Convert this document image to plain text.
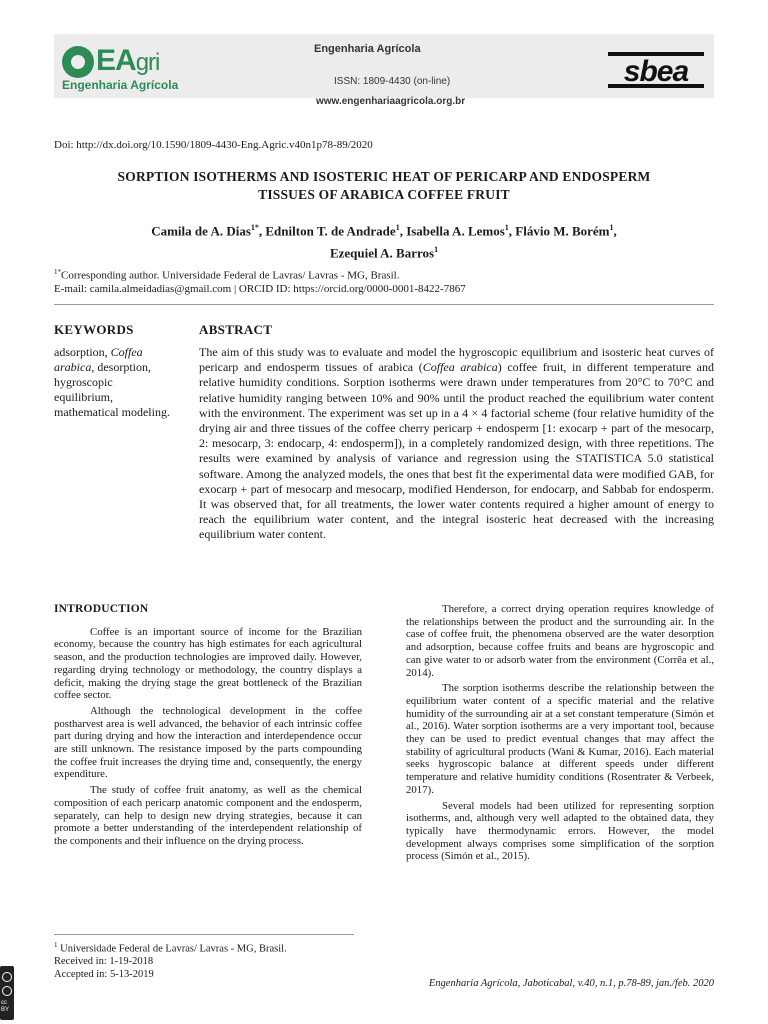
EAgri
Engenharia Agrícola
Engenharia Agrícola
ISSN: 1809-4430 (on-line)
www.engenhariaagricola.org.br
sbea
Doi: http://dx.doi.org/10.1590/1809-4430-Eng.Agric.v40n1p78-89/2020
SORPTION ISOTHERMS AND ISOSTERIC HEAT OF PERICARP AND ENDOSPERM
TISSUES OF ARABICA COFFEE FRUIT
Camila de A. Dias$^{1*}$, Ednilton T. de Andrade$^1$, Isabella A. Lemos$^1$, Flávio M. Borém$^1$,
Ezequiel A. Barros$^1$
$^{1*}$Corresponding author. Universidade Federal de Lavras/ Lavras - MG, Brasil.
E-mail: camila.almeidadias@gmail.com | ORCID ID: https://orcid.org/0000-0001-8422-7867
KEYWORDS
adsorption, Coffea arabica, desorption, hygroscopic equilibrium, mathematical modeling.
ABSTRACT
The aim of this study was to evaluate and model the hygroscopic equilibrium and isosteric heat curves of pericarp and endosperm tissues of arabica (Coffea arabica) coffee fruit, in different temperature and relative humidity conditions. Sorption isotherms were drawn under temperatures from 20°C to 70°C and relative humidity ranging between 10% and 90% until the product reached the equilibrium water content with the environment. The experiment was set up in a 4 × 4 factorial scheme (four relative humidity of the drying air and three tissues of the coffee cherry pericarp + endosperm [1: exocarp + part of the mesocarp, 2: mesocarp, 3: endocarp, 4: endosperm]), in a completely randomized design, with three repetitions. The results were examined by analysis of variance and regression using the STATISTICA 5.0 statistical software. Among the analyzed models, the ones that best fit the experimental data were modified GAB, for exocarp + part of mesocarp and mesocarp, modified Henderson, for endocarp, and Sabbab for endosperm. It was observed that, for all treatments, the lower water contents required a higher amount of energy to reach the equilibrium water content, and the integral isosteric heat decreased with the increasing equilibrium water content.
INTRODUCTION

Coffee is an important source of income for the Brazilian economy, because the country has high estimates for each agricultural season, and the production technologies are improved daily. However, regarding drying technology or methodology, the country displays a deficit, making the drying stage the great bottleneck of the Brazilian coffee sector.

Although the technological development in the coffee postharvest area is well advanced, the behavior of each intrinsic coffee part during drying and how the interaction and interdependence occur are still unknown. The resistance imposed by the parts compounding the coffee fruit increases the drying time and, consequently, the energy expenditure.

The study of coffee fruit anatomy, as well as the chemical composition of each pericarp anatomic component and the endosperm, separately, can help to design new drying strategies, because it can promote a better understanding of the interdependent relationship of the components and their influence on the drying process.

Therefore, a correct drying operation requires knowledge of the relationships between the product and the surrounding air. In the case of coffee fruit, the phenomena observed are the water desorption and adsorption, because coffee fruits and beans are hygroscopic and can give water to or adsorb water from the environment (Corrêa et al., 2014).

The sorption isotherms describe the relationship between the equilibrium water content of a specific material and the relative humidity of the surrounding air at a set constant temperature (Simón et al., 2016). Water sorption isotherms are a very important tool, because they can be used to predict eventual changes that may affect the stability of agricultural products (Wani & Kumar, 2016). Each material seeks hygroscopic balance at different speeds under different temperature and relative humidity conditions (Rosentrater & Verbeek, 2017).

Several models had been utilized for representing sorption isotherms, and, although very well adapted to the obtained data, they typically have thermodynamic errors. However, the model development always comprises some simplification of the sorption process (Simón et al., 2015).

$^1$ Universidade Federal de Lavras/ Lavras - MG, Brasil.
Received in: 1-19-2018
Accepted in: 5-13-2019
Engenharia Agrícola, Jaboticabal, v.40, n.1, p.78-89, jan./feb. 2020
cc
BY
